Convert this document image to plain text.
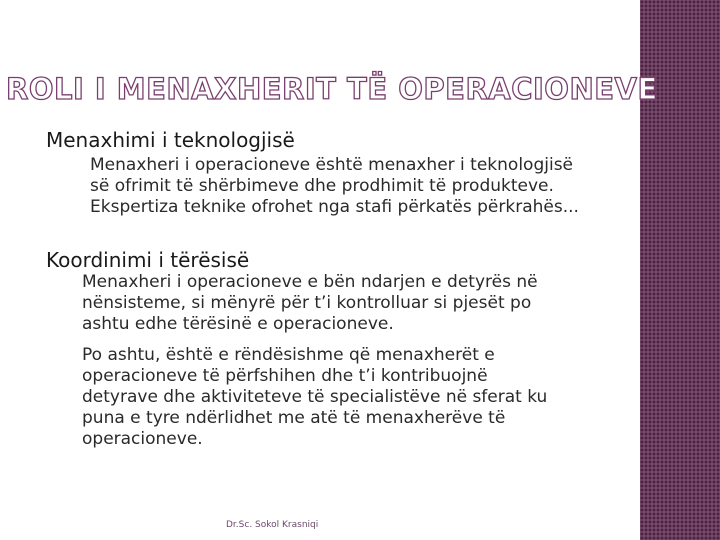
ROLI I MENAXHERIT TË OPERACIONEVE

Menaxhimi i teknologjisë

Menaxheri i operacioneve është menaxher i teknologjisë
së ofrimit të shërbimeve dhe prodhimit të produkteve.
Ekspertiza teknike ofrohet nga stafi përkatës përkrahës...

Koordinimi i tërësisë

Menaxheri i operacioneve e bën ndarjen e detyrës në
nënsisteme, si mënyrë për t’i kontrolluar si pjesët po
ashtu edhe tërësinë e operacioneve.

Po ashtu, është e rëndësishme që menaxherët e
operacioneve të përfshihen dhe t’i kontribuojnë
detyrave dhe aktiviteteve të specialistëve në sferat ku
puna e tyre ndërlidhet me atë të menaxherëve të
operacioneve.

Dr.Sc. Sokol Krasniqi
